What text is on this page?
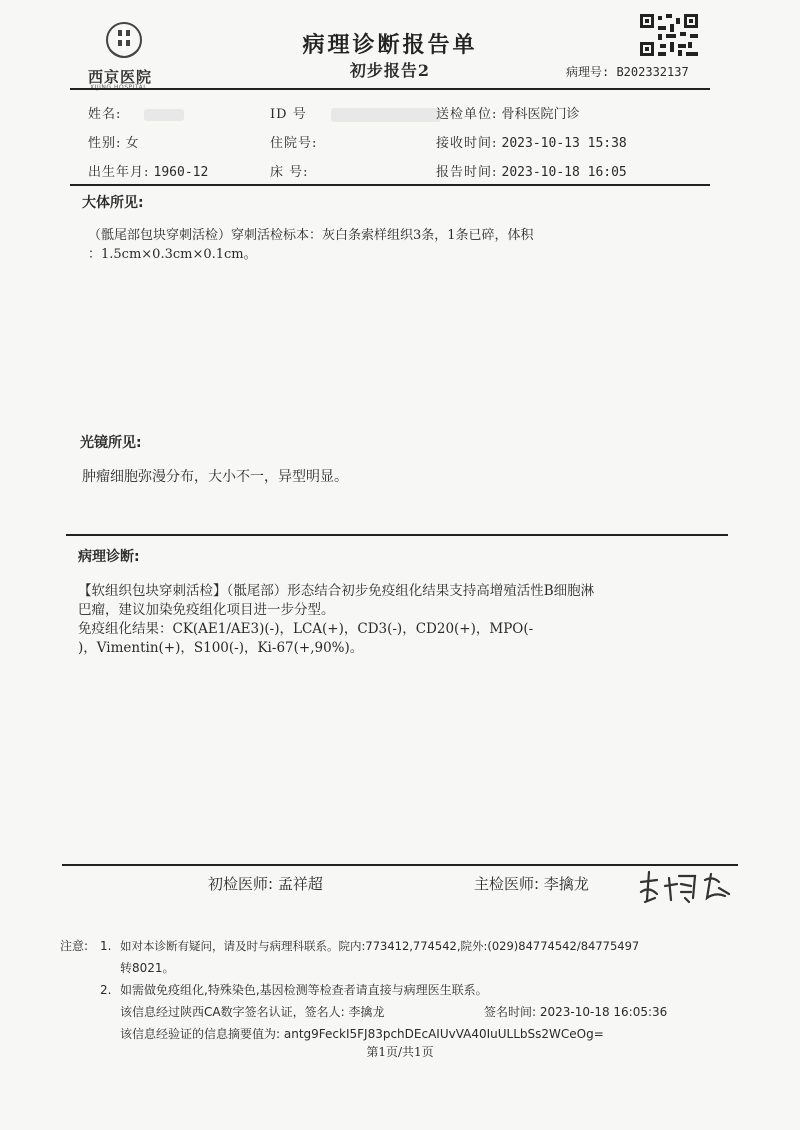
西京医院
XIJING HOSPITAL
病理诊断报告单
初步报告2	病理号: B202332137
姓名:	ID 号	送检单位: 骨科医院门诊
性别: 女	住院号:	接收时间: 2023-10-13 15:38
出生年月: 1960-12	床 号:	报告时间: 2023-10-18 16:05
大体所见:
（骶尾部包块穿刺活检）穿刺活检标本：灰白条索样组织3条，1条已碎，体积
：1.5cm×0.3cm×0.1cm。
光镜所见:
肿瘤细胞弥漫分布，大小不一，异型明显。
病理诊断:
【软组织包块穿刺活检】（骶尾部）形态结合初步免疫组化结果支持高增殖活性B细胞淋
巴瘤，建议加染免疫组化项目进一步分型。
免疫组化结果：CK(AE1/AE3)(-)，LCA(+)，CD3(-)，CD20(+)，MPO(-
)，Vimentin(+)，S100(-)，Ki-67(+,90%)。
初检医师: 孟祥超	主检医师: 李擒龙
注意: 1. 如对本诊断有疑问，请及时与病理科联系。院内:773412,774542,院外:(029)84774542/84775497
转8021。
2. 如需做免疫组化,特殊染色,基因检测等检查者请直接与病理医生联系。
该信息经过陕西CA数字签名认证，签名人: 李擒龙	签名时间: 2023-10-18 16:05:36
该信息经验证的信息摘要值为: antg9FeckI5FJ83pchDEcAIUvVA40IuULLbSs2WCeOg=
第1页/共1页
